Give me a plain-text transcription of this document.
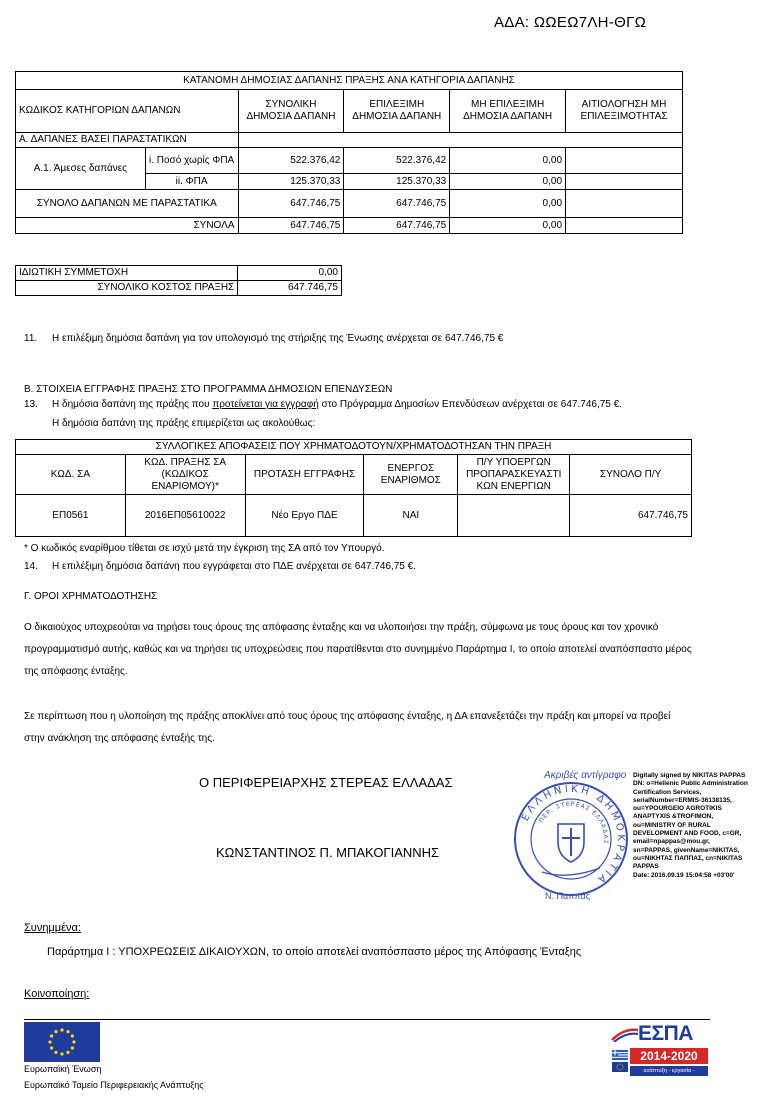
ΑΔΑ: ΩΩΕΩ7ΛΗ-ΘΓΩ
ΚΑΤΑΝΟΜΗ ΔΗΜΟΣΙΑΣ ΔΑΠΑΝΗΣ ΠΡΑΞΗΣ ΑΝΑ ΚΑΤΗΓΟΡΙΑ ΔΑΠΑΝΗΣ					
ΚΩΔΙΚΟΣ ΚΑΤΗΓΟΡΙΩΝ ΔΑΠΑΝΩΝ		ΣΥΝΟΛΙΚΗ ΔΗΜΟΣΙΑ ΔΑΠΑΝΗ	ΕΠΙΛΕΞΙΜΗ ΔΗΜΟΣΙΑ ΔΑΠΑΝΗ	ΜΗ ΕΠΙΛΕΞΙΜΗ ΔΗΜΟΣΙΑ ΔΑΠΑΝΗ	ΑΙΤΙΟΛΟΓΗΣΗ ΜΗ ΕΠΙΛΕΞΙΜΟΤΗΤΑΣ
Α. ΔΑΠΑΝΕΣ ΒΑΣΕΙ ΠΑΡΑΣΤΑΤΙΚΩΝ					
Α.1. Άμεσες δαπάνες	i. Ποσό χωρίς ΦΠΑ	522.376,42	522.376,42	0,00	
	ii. ΦΠΑ	125.370,33	125.370,33	0,00	
ΣΥΝΟΛΟ ΔΑΠΑΝΩΝ ΜΕ ΠΑΡΑΣΤΑΤΙΚΑ		647.746,75	647.746,75	0,00	
ΣΥΝΟΛΑ		647.746,75	647.746,75	0,00	
ΙΔΙΩΤΙΚΗ ΣΥΜΜΕΤΟΧΗ	0,00
ΣΥΝΟΛΙΚΟ ΚΟΣΤΟΣ ΠΡΑΞΗΣ	647.746,75
11. Η επιλέξιμη δημόσια δαπάνη για τον υπολογισμό της στήριξης της Ένωσης ανέρχεται σε 647.746,75 €
Β. ΣΤΟΙΧΕΙΑ ΕΓΓΡΑΦΗΣ ΠΡΑΞΗΣ ΣΤΟ ΠΡΟΓΡΑΜΜΑ ΔΗΜΟΣΙΩΝ ΕΠΕΝΔΥΣΕΩΝ
13. Η δημόσια δαπάνη της πράξης που προτείνεται για εγγραφή στο Πρόγραμμα Δημοσίων Επενδύσεων ανέρχεται σε 647.746,75 €.
Η δημόσια δαπάνη της πράξης επιμερίζεται ως ακολούθως:
ΣΥΛΛΟΓΙΚΕΣ ΑΠΟΦΑΣΕΙΣ ΠΟΥ ΧΡΗΜΑΤΟΔΟΤΟΥΝ/ΧΡΗΜΑΤΟΔΟΤΗΣΑΝ ΤΗΝ ΠΡΑΞΗ					
ΚΩΔ. ΣΑ	ΚΩΔ. ΠΡΑΞΗΣ ΣΑ (ΚΩΔΙΚΟΣ ΕΝΑΡΙΘΜΟΥ)*	ΠΡΟΤΑΣΗ ΕΓΓΡΑΦΗΣ	ΕΝΕΡΓΟΣ ΕΝΑΡΙΘΜΟΣ	Π/Υ ΥΠΟΕΡΓΩΝ ΠΡΟΠΑΡΑΣΚΕΥΑΣΤΙ ΚΩΝ ΕΝΕΡΓΙΩΝ	ΣΥΝΟΛΟ Π/Υ
ΕΠ0561	2016ΕΠ05610022	Νέο Εργο ΠΔΕ	ΝΑΙ		647.746,75
* Ο κωδικός εναρίθμου τίθεται σε ισχύ μετά την έγκριση της ΣΑ από τον Υπουργό.
14. Η επιλέξιμη δημόσια δαπάνη που εγγράφεται στο ΠΔΕ ανέρχεται σε 647.746,75 €.
Γ. ΟΡΟΙ ΧΡΗΜΑΤΟΔΟΤΗΣΗΣ
Ο δικαιούχος υποχρεούται να τηρήσει τους όρους της απόφασης ένταξης και να υλοποιήσει την πράξη, σύμφωνα με τους όρους και τον χρονικό προγραμματισμό αυτής, καθώς και να τηρήσει τις υποχρεώσεις που παρατίθενται στο συνημμένο Παράρτημα Ι, το οποίο αποτελεί αναπόσπαστο μέρος της απόφασης ένταξης.
Σε περίπτωση που η υλοποίηση της πράξης αποκλίνει από τους όρους της απόφασης ένταξης, η ΔΑ επανεξετάζει την πράξη και μπορεί να προβεί στην ανάκληση της απόφασης ένταξής της.
Ο ΠΕΡΙΦΕΡΕΙΑΡΧΗΣ ΣΤΕΡΕΑΣ ΕΛΛΑΔΑΣ
ΚΩΝΣΤΑΝΤΙΝΟΣ Π. ΜΠΑΚΟΓΙΑΝΝΗΣ
Ακριβές αντίγραφο
ΕΛΛΗΝΙΚΗ ΔΗΜΟΚΡΑΤΙΑ
ΠΕΡ. ΣΤΕΡΕΑΣ ΕΛΛΑΔΑΣ
Ν. Παππάς
Digitally signed by NIKITAS PAPPAS
DN: o=Hellenic Public Administration
Certification Services,
serialNumber=ERMIS-36138135,
ou=YPOURGEIO AGROTIKIS
ANAPTYXIS &TROFIMON,
ou=MINISTRY OF RURAL
DEVELOPMENT AND FOOD, c=GR,
email=npappas@mou.gr,
sn=PAPPAS, givenName=NIKITAS,
ou=ΝΙΚΗΤΑΣ ΠΑΠΠΑΣ, cn=NIKITAS
PAPPAS
Date: 2016.09.19 15:04:58 +03'00'
Συνημμένα:
Παράρτημα Ι : ΥΠΟΧΡΕΩΣΕΙΣ ΔΙΚΑΙΟΥΧΩΝ, το οποίο αποτελεί αναπόσπαστο μέρος της Απόφασης Ένταξης
Κοινοποίηση:
Ευρωπαϊκή Ένωση
Ευρωπαϊκό Ταμείο Περιφερειακής Ανάπτυξης
ΕΣΠΑ
2014-2020
ανάπτυξη - εργασία - αλληλεγγύη
